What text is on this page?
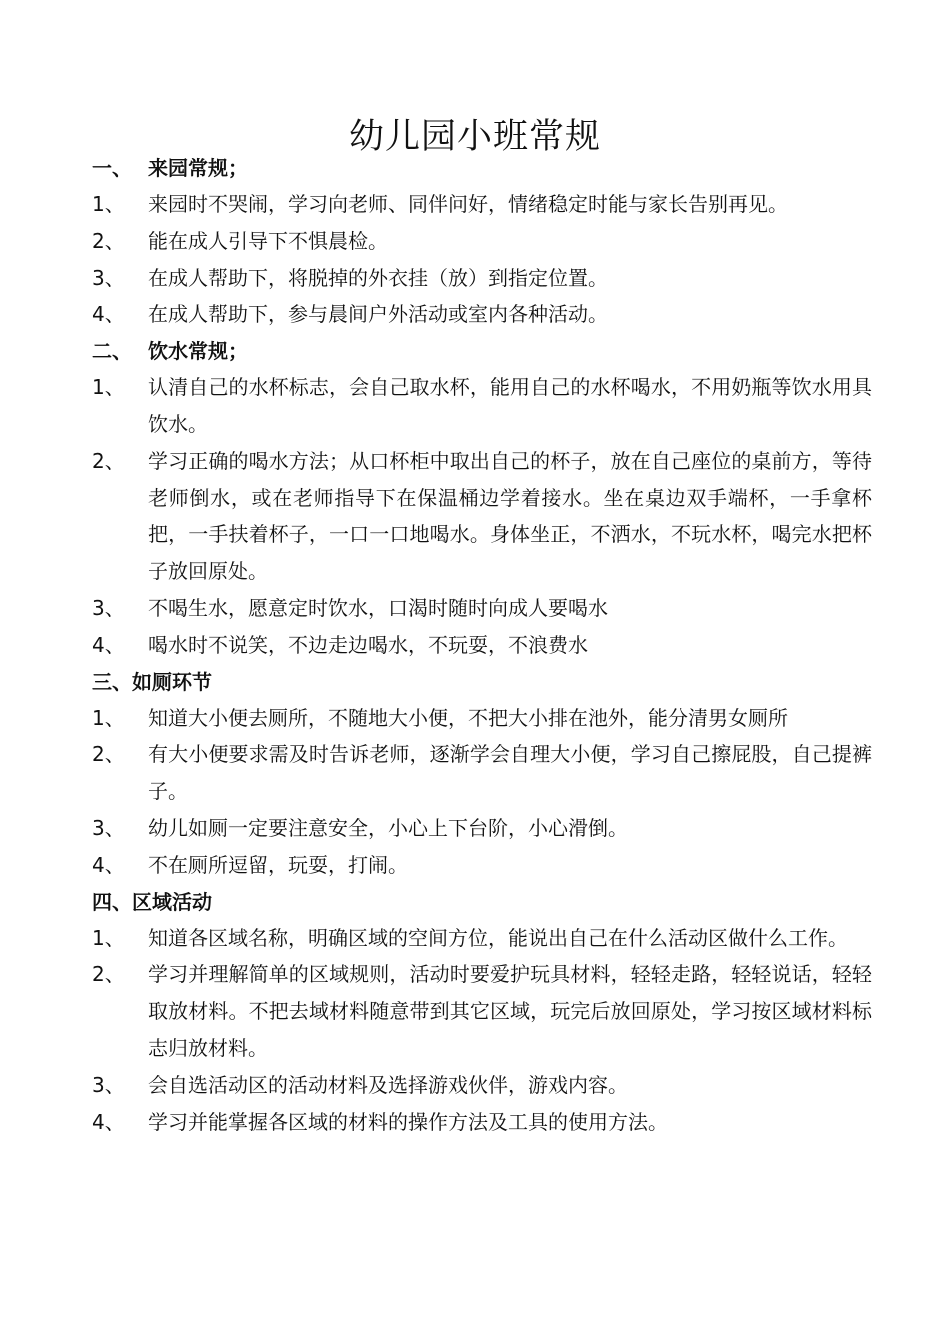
幼儿园小班常规
一、 来园常规；
1、	来园时不哭闹，学习向老师、同伴问好，情绪稳定时能与家长告别再见。
2、	能在成人引导下不惧晨检。
3、	在成人帮助下，将脱掉的外衣挂（放）到指定位置。
4、	在成人帮助下，参与晨间户外活动或室内各种活动。
二、 饮水常规；
1、	认清自己的水杯标志，会自己取水杯，能用自己的水杯喝水，不用奶瓶等饮水用具饮水。
2、	学习正确的喝水方法；从口杯柜中取出自己的杯子，放在自己座位的桌前方，等待老师倒水，或在老师指导下在保温桶边学着接水。坐在桌边双手端杯，一手拿杯把，一手扶着杯子，一口一口地喝水。身体坐正，不洒水，不玩水杯，喝完水把杯子放回原处。
3、	不喝生水，愿意定时饮水，口渴时随时向成人要喝水
4、	喝水时不说笑，不边走边喝水，不玩耍，不浪费水
三、如厕环节
1、	知道大小便去厕所，不随地大小便，不把大小排在池外，能分清男女厕所
2、	有大小便要求需及时告诉老师，逐渐学会自理大小便，学习自己擦屁股，自己提裤子。
3、	幼儿如厕一定要注意安全，小心上下台阶，小心滑倒。
4、	不在厕所逗留，玩耍，打闹。
四、区域活动
1、	知道各区域名称，明确区域的空间方位，能说出自己在什么活动区做什么工作。
2、	学习并理解简单的区域规则，活动时要爱护玩具材料，轻轻走路，轻轻说话，轻轻取放材料。不把去域材料随意带到其它区域，玩完后放回原处，学习按区域材料标志归放材料。
3、	会自选活动区的活动材料及选择游戏伙伴，游戏内容。
4、	学习并能掌握各区域的材料的操作方法及工具的使用方法。
